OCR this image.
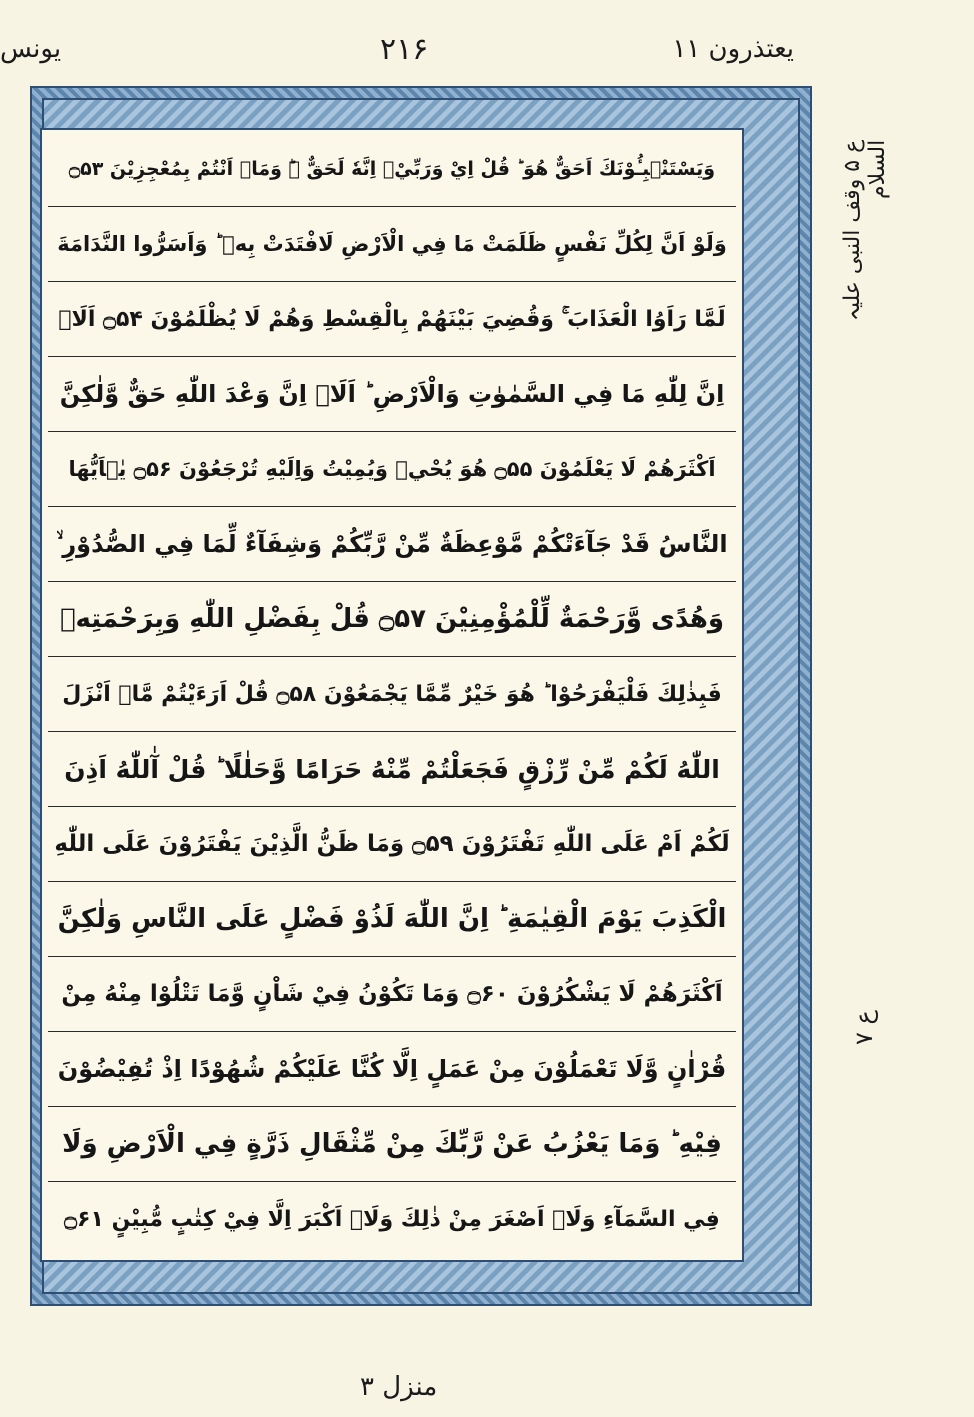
یونس	۲۱۶	یعتذرون ۱۱
وَيَسْتَنْۢبِـُٔوْنَكَ اَحَقٌّ هُوَ ؕ قُلْ اِيْ وَرَبِّيْۤ اِنَّهٗ لَحَقٌّ ؔؕ وَمَاۤ اَنْتُمْ بِمُعْجِزِيْنَ ۝۵۳
وَلَوْ اَنَّ لِكُلِّ نَفْسٍ ظَلَمَتْ مَا فِي الْاَرْضِ لَافْتَدَتْ بِهٖ ؕ وَاَسَرُّوا النَّدَامَةَ
لَمَّا رَاَوُا الْعَذَابَ ۚ وَقُضِيَ بَيْنَهُمْ بِالْقِسْطِ وَهُمْ لَا يُظْلَمُوْنَ ۝۵۴ اَلَاۤ
اِنَّ لِلّٰهِ مَا فِي السَّمٰوٰتِ وَالْاَرْضِ ؕ اَلَاۤ اِنَّ وَعْدَ اللّٰهِ حَقٌّ وَّلٰكِنَّ
اَكْثَرَهُمْ لَا يَعْلَمُوْنَ ۝۵۵ هُوَ يُحْيٖ وَيُمِيْتُ وَاِلَيْهِ تُرْجَعُوْنَ ۝۵۶ يٰۤاَيُّهَا
النَّاسُ قَدْ جَآءَتْكُمْ مَّوْعِظَةٌ مِّنْ رَّبِّكُمْ وَشِفَآءٌ لِّمَا فِي الصُّدُوْرِ ۙ
وَهُدًى وَّرَحْمَةٌ لِّلْمُؤْمِنِيْنَ ۝۵۷ قُلْ بِفَضْلِ اللّٰهِ وَبِرَحْمَتِهٖ
فَبِذٰلِكَ فَلْيَفْرَحُوْا ؕ هُوَ خَيْرٌ مِّمَّا يَجْمَعُوْنَ ۝۵۸ قُلْ اَرَءَيْتُمْ مَّاۤ اَنْزَلَ
اللّٰهُ لَكُمْ مِّنْ رِّزْقٍ فَجَعَلْتُمْ مِّنْهُ حَرَامًا وَّحَلٰلًا ؕ قُلْ آٰللّٰهُ اَذِنَ
لَكُمْ اَمْ عَلَى اللّٰهِ تَفْتَرُوْنَ ۝۵۹ وَمَا ظَنُّ الَّذِيْنَ يَفْتَرُوْنَ عَلَى اللّٰهِ
الْكَذِبَ يَوْمَ الْقِيٰمَةِ ؕ اِنَّ اللّٰهَ لَذُوْ فَضْلٍ عَلَى النَّاسِ وَلٰكِنَّ
اَكْثَرَهُمْ لَا يَشْكُرُوْنَ ۝۶۰ وَمَا تَكُوْنُ فِيْ شَاْنٍ وَّمَا تَتْلُوْا مِنْهُ مِنْ
قُرْاٰنٍ وَّلَا تَعْمَلُوْنَ مِنْ عَمَلٍ اِلَّا كُنَّا عَلَيْكُمْ شُهُوْدًا اِذْ تُفِيْضُوْنَ
فِيْهِ ؕ وَمَا يَعْزُبُ عَنْ رَّبِّكَ مِنْ مِّثْقَالِ ذَرَّةٍ فِي الْاَرْضِ وَلَا
فِي السَّمَآءِ وَلَاۤ اَصْغَرَ مِنْ ذٰلِكَ وَلَاۤ اَكْبَرَ اِلَّا فِيْ كِتٰبٍ مُّبِيْنٍ ۝۶۱
ع ۵ وقف النبی علیہ السلام
ع ۷
منزل ۳
